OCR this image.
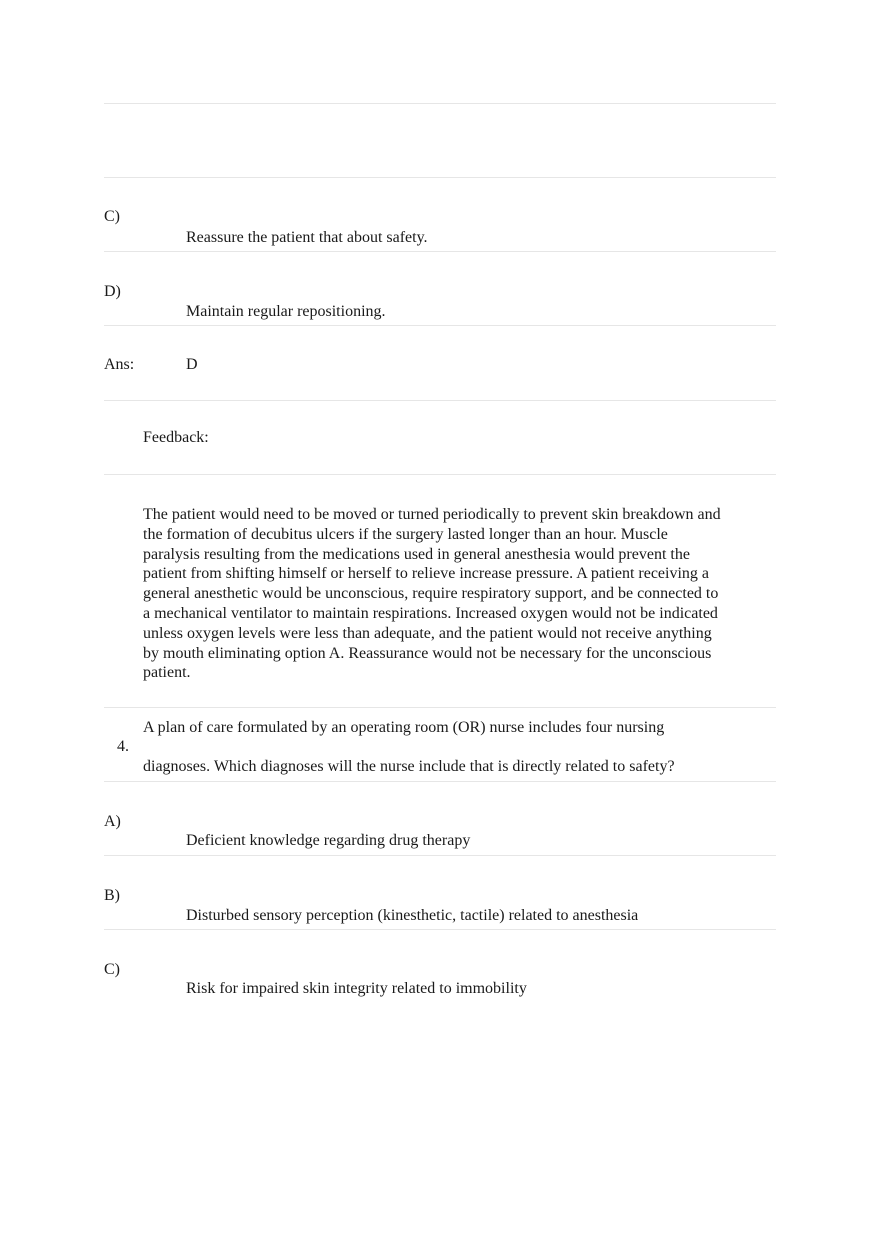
C)
Reassure the patient that about safety.
D)
Maintain regular repositioning.
Ans:	D
Feedback:
The patient would need to be moved or turned periodically to prevent skin breakdown and
the formation of decubitus ulcers if the surgery lasted longer than an hour. Muscle
paralysis resulting from the medications used in general anesthesia would prevent the
patient from shifting himself or herself to relieve increase pressure. A patient receiving a
general anesthetic would be unconscious, require respiratory support, and be connected to
a mechanical ventilator to maintain respirations. Increased oxygen would not be indicated
unless oxygen levels were less than adequate, and the patient would not receive anything
by mouth eliminating option A. Reassurance would not be necessary for the unconscious
patient.
4.
A plan of care formulated by an operating room (OR) nurse includes four nursing
diagnoses. Which diagnoses will the nurse include that is directly related to safety?
A)
Deficient knowledge regarding drug therapy
B)
Disturbed sensory perception (kinesthetic, tactile) related to anesthesia
C)
Risk for impaired skin integrity related to immobility
